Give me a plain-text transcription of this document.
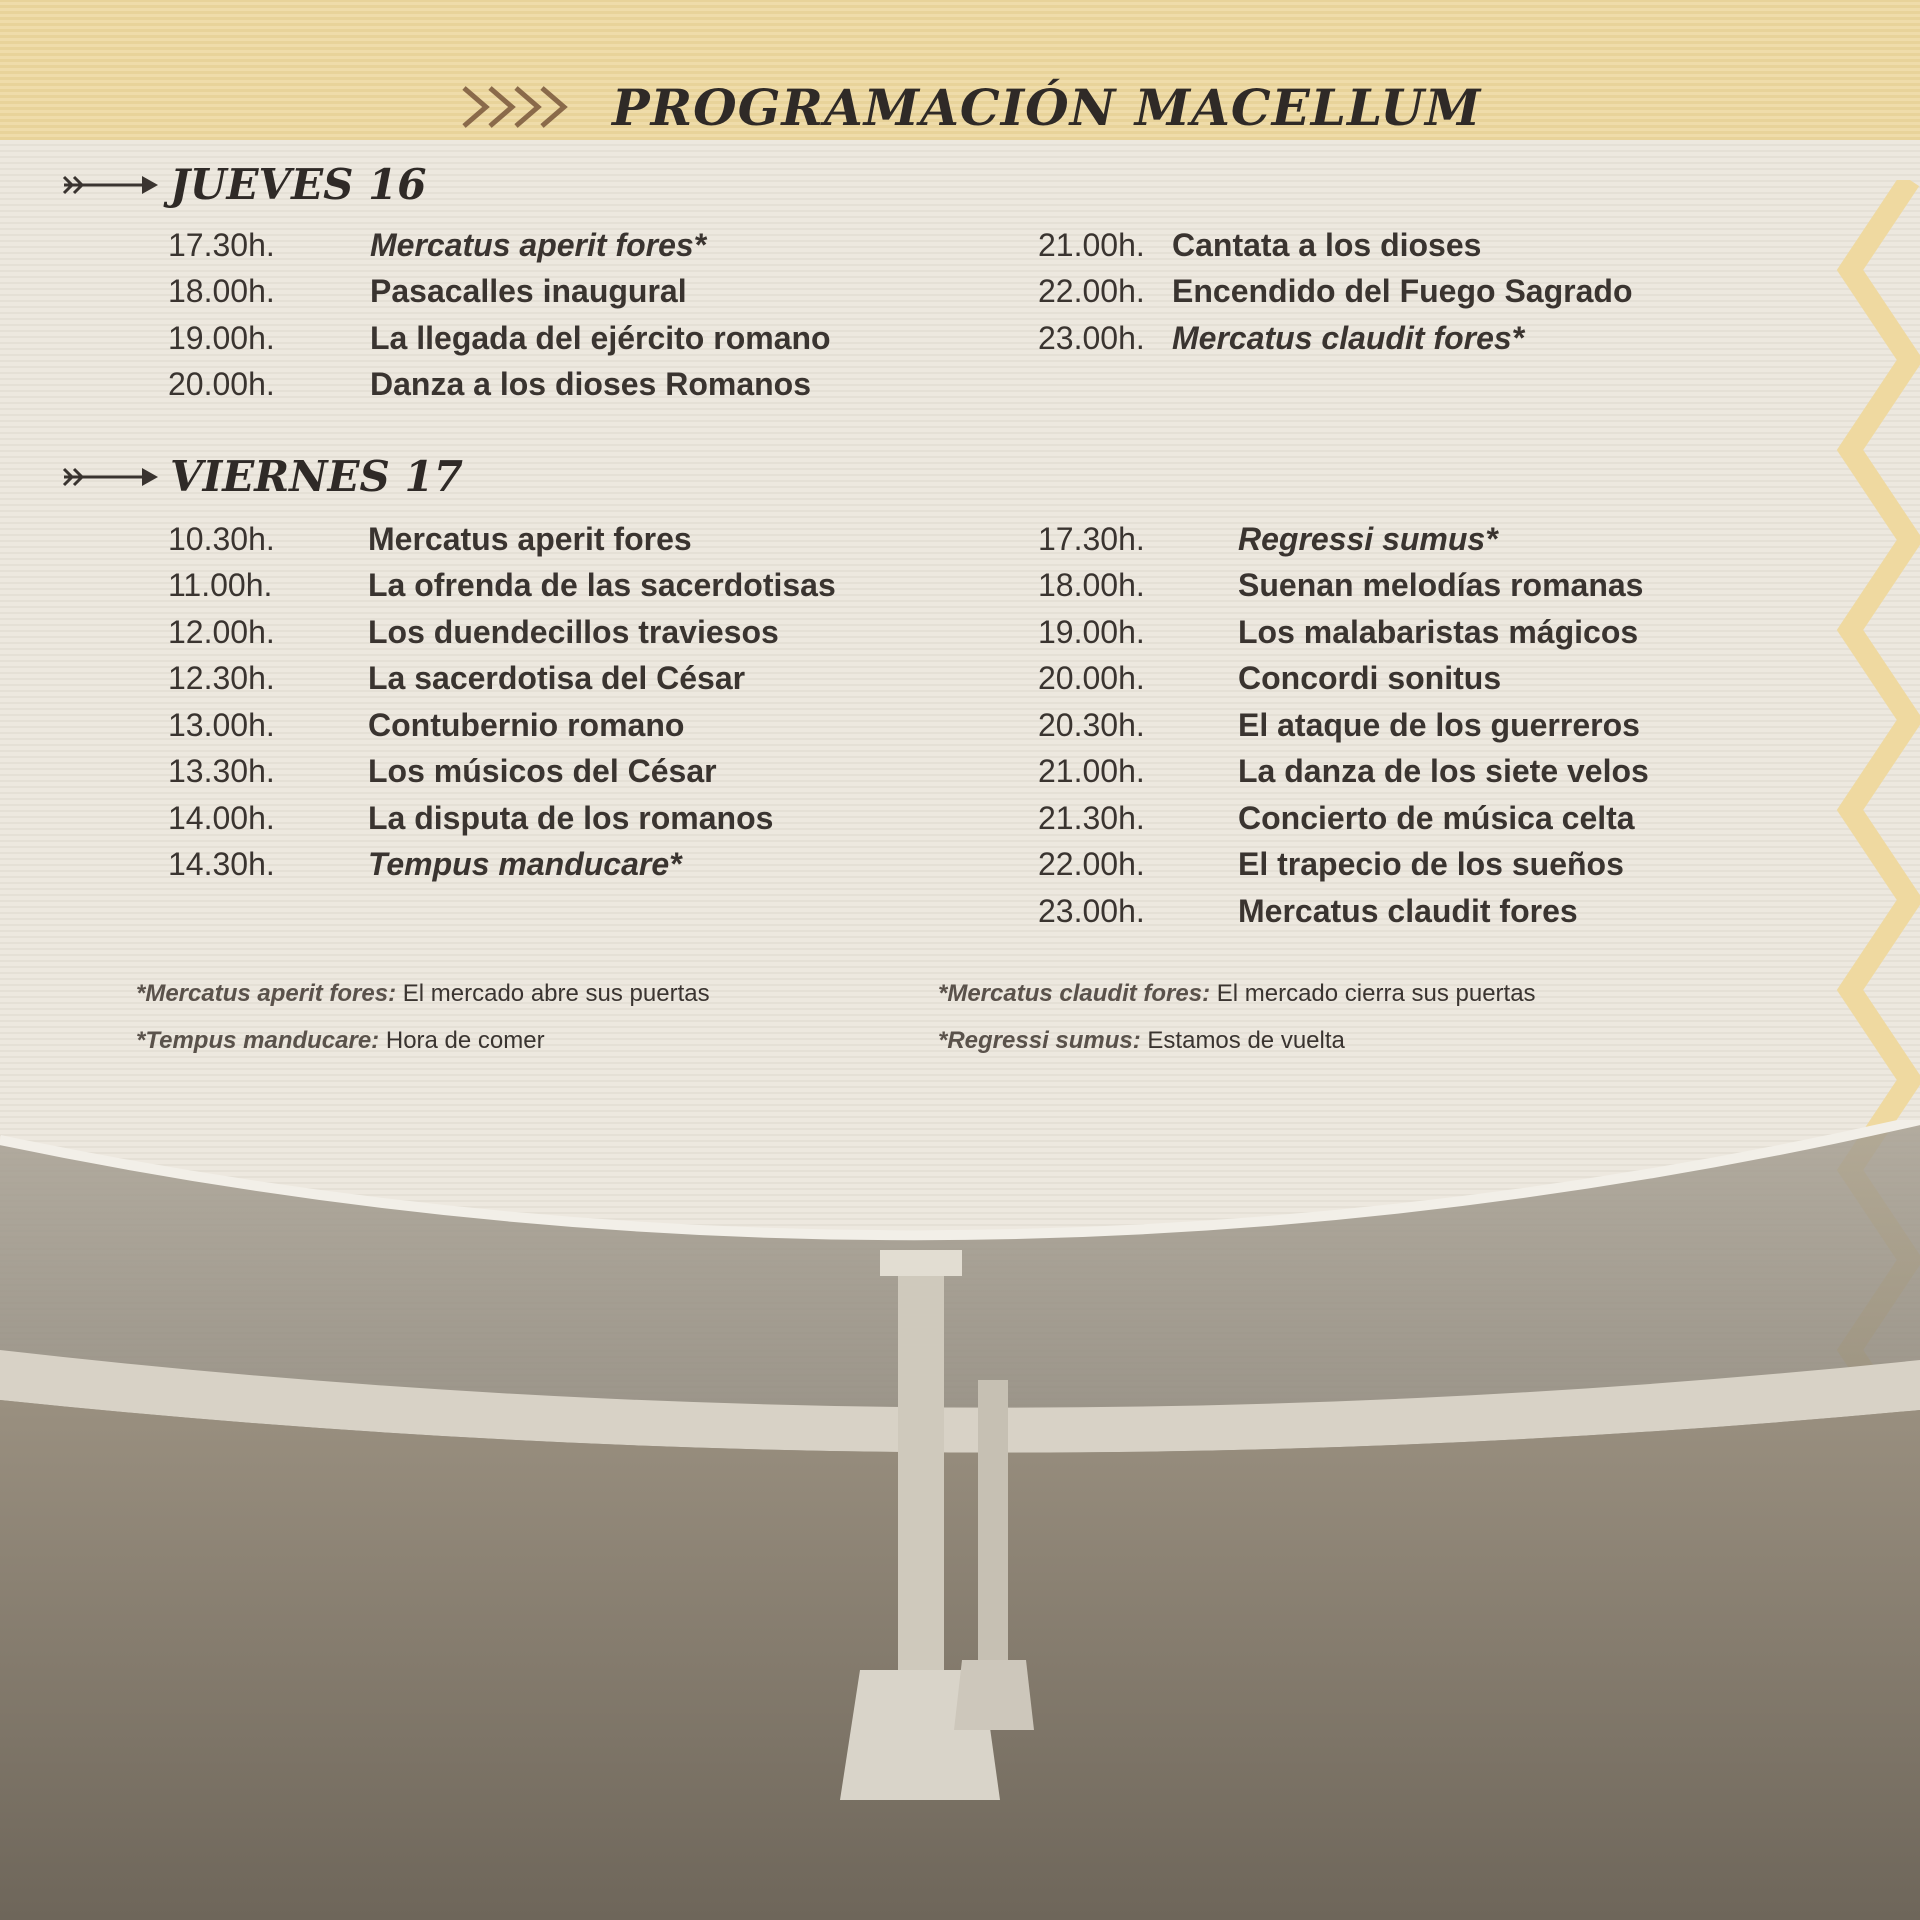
PROGRAMACIÓN MACELLUM
JUEVES 16
17.30h.	Mercatus aperit fores*
18.00h.	Pasacalles inaugural
19.00h.	La llegada del ejército romano
20.00h.	Danza a los dioses Romanos
21.00h. Cantata a los dioses
22.00h. Encendido del Fuego Sagrado
23.00h. Mercatus claudit fores*
VIERNES 17
10.30h.	Mercatus aperit fores
11.00h.	La ofrenda de las sacerdotisas
12.00h.	Los duendecillos traviesos
12.30h.	La sacerdotisa del César
13.00h.	Contubernio romano
13.30h.	Los músicos del César
14.00h.	La disputa de los romanos
14.30h.	Tempus manducare*
17.30h.	Regressi sumus*
18.00h.	Suenan melodías romanas
19.00h.	Los malabaristas mágicos
20.00h.	Concordi sonitus
20.30h.	El ataque de los guerreros
21.00h.	La danza de los siete velos
21.30h.	Concierto de música celta
22.00h.	El trapecio de los sueños
23.00h.	Mercatus claudit fores
*Mercatus aperit fores: El mercado abre sus puertas
*Tempus manducare: Hora de comer
*Mercatus claudit fores: El mercado cierra sus puertas
*Regressi sumus: Estamos de vuelta
